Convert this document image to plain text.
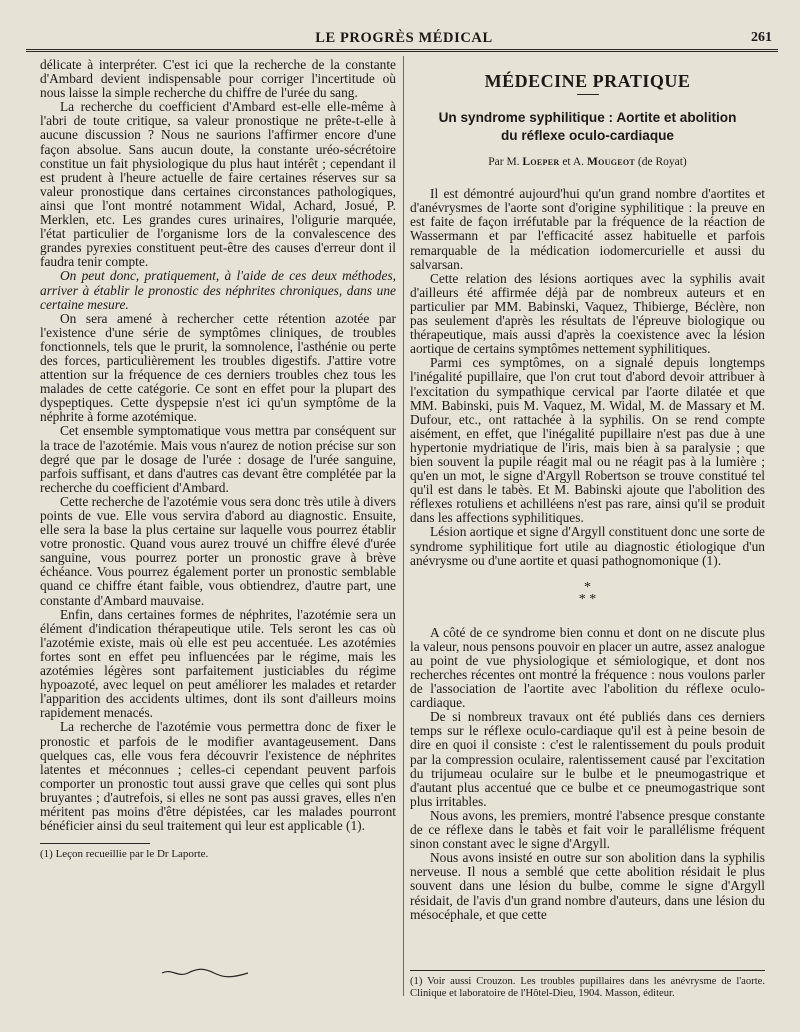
LE PROGRÈS MÉDICAL	261

délicate à interpréter. C'est ici que la recherche de la constante d'Ambard devient indispensable pour corriger l'incertitude où nous laisse la simple recherche du chiffre de l'urée du sang.

La recherche du coefficient d'Ambard est-elle elle-même à l'abri de toute critique, sa valeur pronostique ne prête-t-elle à aucune discussion ? Nous ne saurions l'affirmer encore d'une façon absolue. Sans aucun doute, la constante uréo-sécrétoire constitue un fait physiologique du plus haut intérêt ; cependant il est prudent à l'heure actuelle de faire certaines réserves sur sa valeur pronostique dans certaines circonstances pathologiques, ainsi que l'ont montré notamment Widal, Achard, Josué, P. Merklen, etc. Les grandes cures urinaires, l'oligurie marquée, l'état particulier de l'organisme lors de la convalescence des grandes pyrexies constituent peut-être des causes d'erreur dont il faudra tenir compte.

On peut donc, pratiquement, à l'aide de ces deux méthodes, arriver à établir le pronostic des néphrites chroniques, dans une certaine mesure.

On sera amené à rechercher cette rétention azotée par l'existence d'une série de symptômes cliniques, de troubles fonctionnels, tels que le prurit, la somnolence, l'asthénie ou perte des forces, particulièrement les troubles digestifs. J'attire votre attention sur la fréquence de ces derniers troubles chez tous les malades de cette catégorie. Ce sont en effet pour la plupart des dyspeptiques. Cette dyspepsie n'est ici qu'un symptôme de la néphrite à forme azotémique.

Cet ensemble symptomatique vous mettra par conséquent sur la trace de l'azotémie. Mais vous n'aurez de notion précise sur son degré que par le dosage de l'urée : dosage de l'urée sanguine, parfois suffisant, et dans d'autres cas devant être complétée par la recherche du coefficient d'Ambard.

Cette recherche de l'azotémie vous sera donc très utile à divers points de vue. Elle vous servira d'abord au diagnostic. Ensuite, elle sera la base la plus certaine sur laquelle vous pourrez établir votre pronostic. Quand vous aurez trouvé un chiffre élevé d'urée sanguine, vous pourrez porter un pronostic grave à brève échéance. Vous pourrez également porter un pronostic semblable quand ce chiffre étant faible, vous obtiendrez, d'autre part, une constante d'Ambard mauvaise.

Enfin, dans certaines formes de néphrites, l'azotémie sera un élément d'indication thérapeutique utile. Tels seront les cas où l'azotémie existe, mais où elle est peu accentuée. Les azotémies fortes sont en effet peu influencées par le régime, mais les azotémies légères sont parfaitement justiciables du régime hypoazoté, avec lequel on peut améliorer les malades et retarder l'apparition des accidents ultimes, dont ils sont d'ailleurs moins rapidement menacés.

La recherche de l'azotémie vous permettra donc de fixer le pronostic et parfois de le modifier avantageusement. Dans quelques cas, elle vous fera découvrir l'existence de néphrites latentes et méconnues ; celles-ci cependant peuvent parfois comporter un pronostic tout aussi grave que celles qui sont plus bruyantes ; d'autrefois, si elles ne sont pas aussi graves, elles n'en méritent pas moins d'être dépistées, car les malades pourront bénéficier ainsi du seul traitement qui leur est applicable (1).

(1) Leçon recueillie par le Dr Laporte.

MÉDECINE PRATIQUE
Un syndrome syphilitique : Aortite et abolition
du réflexe oculo-cardiaque
Par M. Loeper et A. Mougeot (de Royat)

Il est démontré aujourd'hui qu'un grand nombre d'aortites et d'anévrysmes de l'aorte sont d'origine syphilitique : la preuve en est faite de façon irréfutable par la fréquence de la réaction de Wassermann et par l'efficacité assez habituelle et parfois remarquable de la médication iodomercurielle et aussi du salvarsan.

Cette relation des lésions aortiques avec la syphilis avait d'ailleurs été affirmée déjà par de nombreux auteurs et en particulier par MM. Babinski, Vaquez, Thibierge, Béclère, non pas seulement d'après les résultats de l'épreuve biologique ou thérapeutique, mais aussi d'après la coexistence avec la lésion aortique de certains symptômes nettement syphilitiques.

Parmi ces symptômes, on a signalé depuis longtemps l'inégalité pupillaire, que l'on crut tout d'abord devoir attribuer à l'excitation du sympathique cervical par l'aorte dilatée et que MM. Babinski, puis M. Vaquez, M. Widal, M. de Massary et M. Dufour, etc., ont rattachée à la syphilis. On se rend compte aisément, en effet, que l'inégalité pupillaire n'est pas due à une hypertonie mydriatique de l'iris, mais bien à sa paralysie ; que bien souvent la pupile réagit mal ou ne réagit pas à la lumière ; qu'en un mot, le signe d'Argyll Robertson se trouve constitué tel qu'il est dans le tabès. Et M. Babinski ajoute que l'abolition des réflexes rotuliens et achilléens n'est pas rare, ainsi qu'il se produit dans les affections syphilitiques.

Lésion aortique et signe d'Argyll constituent donc une sorte de syndrome syphilitique fort utile au diagnostic étiologique d'un anévrysme ou d'une aortite et quasi pathognomonique (1).

*
* *

A côté de ce syndrome bien connu et dont on ne discute plus la valeur, nous pensons pouvoir en placer un autre, assez analogue au point de vue physiologique et sémiologique, et dont nos recherches récentes ont montré la fréquence : nous voulons parler de l'association de l'aortite avec l'abolition du réflexe oculo-cardiaque.

De si nombreux travaux ont été publiés dans ces derniers temps sur le réflexe oculo-cardiaque qu'il est à peine besoin de dire en quoi il consiste : c'est le ralentissement du pouls produit par la compression oculaire, ralentissement causé par l'excitation du trijumeau oculaire sur le bulbe et le pneumogastrique et d'autant plus accentué que ce bulbe et ce pneumogastrique sont plus irritables.

Nous avons, les premiers, montré l'absence presque constante de ce réflexe dans le tabès et fait voir le parallélisme fréquent sinon constant avec le signe d'Argyll.

Nous avons insisté en outre sur son abolition dans la syphilis nerveuse. Il nous a semblé que cette abolition résidait le plus souvent dans une lésion du bulbe, comme le signe d'Argyll résidait, de l'avis d'un grand nombre d'auteurs, dans une lésion du mésocéphale, et que cette

(1) Voir aussi Crouzon. Les troubles pupillaires dans les anévrysme de l'aorte. Clinique et laboratoire de l'Hôtel-Dieu, 1904. Masson, éditeur.
